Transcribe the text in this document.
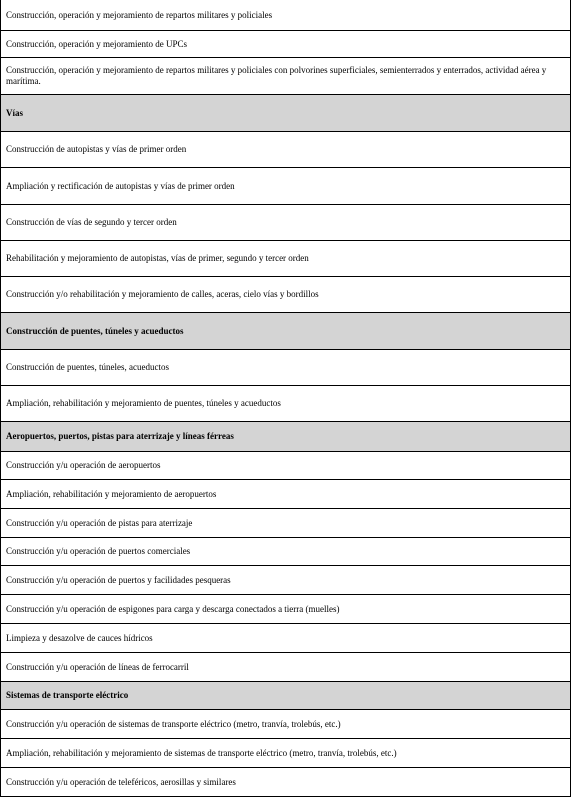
Construcción, operación y mejoramiento de repartos militares y policiales
Construcción, operación y mejoramiento de UPCs
Construcción, operación y mejoramiento de repartos militares y policiales con polvorines superficiales, semienterrados y enterrados, actividad aérea y marítima.
Vías
Construcción de autopistas y vías de primer orden
Ampliación y rectificación de autopistas y vías de primer orden
Construcción de vías de segundo y tercer orden
Rehabilitación y mejoramiento de autopistas, vías de primer, segundo y tercer orden
Construcción y/o rehabilitación y mejoramiento de calles, aceras, cielo vías y bordillos
Construcción de puentes, túneles y acueductos
Construcción de puentes, túneles, acueductos
Ampliación, rehabilitación y mejoramiento de puentes, túneles y acueductos
Aeropuertos, puertos, pistas para aterrizaje y líneas férreas
Construcción y/u operación de aeropuertos
Ampliación, rehabilitación y mejoramiento de aeropuertos
Construcción y/u operación de pistas para aterrizaje
Construcción y/u operación de puertos comerciales
Construcción y/u operación de puertos y facilidades pesqueras
Construcción y/u operación de espigones para carga y descarga conectados a tierra (muelles)
Limpieza y desazolve de cauces hídricos
Construcción y/u operación de líneas de ferrocarril
Sistemas de transporte eléctrico
Construcción y/u operación de sistemas de transporte eléctrico (metro, tranvía, trolebús, etc.)
Ampliación, rehabilitación y mejoramiento de sistemas de transporte eléctrico (metro, tranvía, trolebús, etc.)
Construcción y/u operación de teleféricos, aerosillas y similares
